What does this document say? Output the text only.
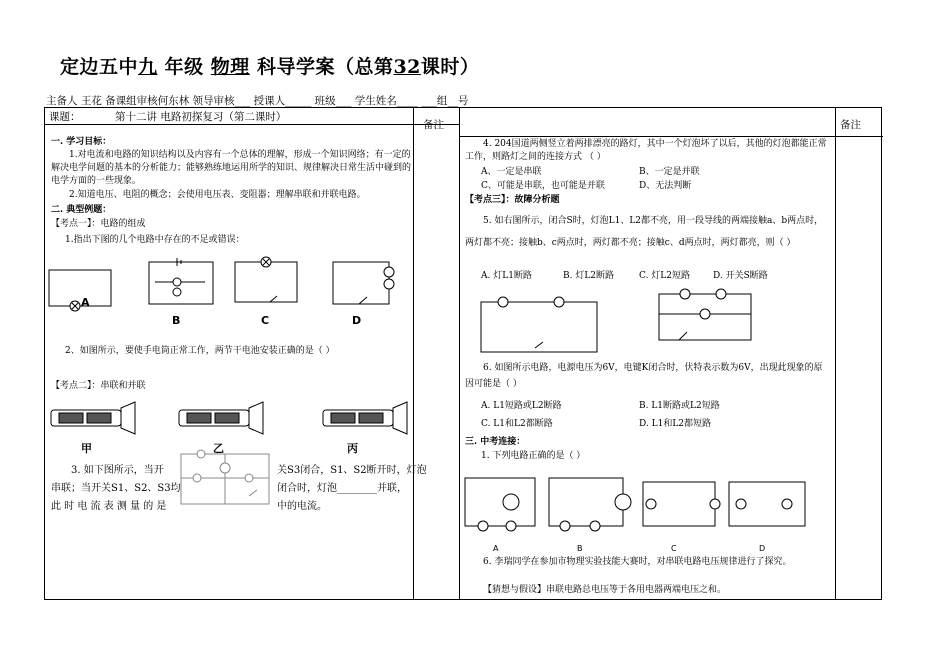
定边五中九 年级 物理 科导学案（总第32课时）
主备人 王花 备课组审核何东林 领导审核___ 授课人_____ 班级___ 学生姓名____ ___组__号
课题：	第十二讲 电路初探复习（第二课时）
备注	备注
一. 学习目标：
1.对电流和电路的知识结构以及内容有一个总体的理解，形成一个知识网络；有一定的解决电学问题的基本的分析能力；能够熟练地运用所学的知识、规律解决日常生活中碰到的电学方面的一些现象。
2.知道电压、电阻的概念；会使用电压表、变阻器；理解串联和并联电路。
二. 典型例题：
【考点一】：电路的组成
1.指出下图的几个电路中存在的不足或错误：
A
B	C	D
2、如图所示，要使手电筒正常工作，两节干电池安装正确的是（ ）
【考点二】：串联和并联
甲	乙	丙
3. 如下图所示，当开
串联；当开关S1、S2、S3均
此 时 电 流 表 测 量 的 是
关S3闭合，S1、S2断开时，灯泡
闭合时，灯泡________并联，
中的电流。
4. 204国道两侧竖立着两排漂亮的路灯，其中一个灯泡坏了以后，其他的灯泡都能正常工作，则路灯之间的连接方式 （ ）
A、一定是串联	B、一定是并联
C、可能是串联，也可能是并联	D、无法判断
【考点三】：故障分析题
5. 如右图所示，闭合S时，灯泡L1、L2都不亮，用一段导线的两端接触a、b两点时，两灯都不亮；接触b、c两点时，两灯都不亮；接触c、d两点时，两灯都亮，则（ ）
A. 灯L1断路	B. 灯L2断路	C. 灯L2短路	D. 开关S断路
6. 如图所示电路，电源电压为6V，电键K闭合时，伏特表示数为6V，出现此现象的原因可能是（ ）
A. L1短路或L2断路	B. L1断路或L2短路
C. L1和L2都断路	D. L1和L2都短路
三. 中考连接：
1. 下列电路正确的是（ ）
A	B	C	D
6. 李瑞同学在参加市物理实验技能大赛时，对串联电路电压规律进行了探究。
【猜想与假设】串联电路总电压等于各用电器两端电压之和。
